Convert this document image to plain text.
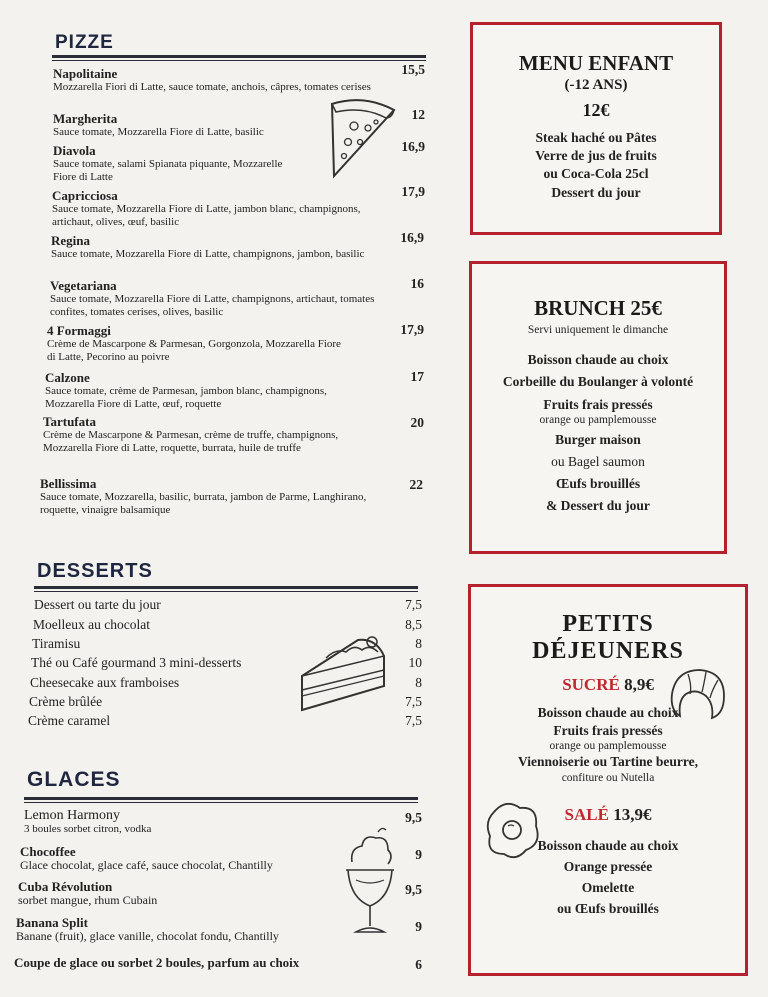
PIZZE
Napolitaine
Mozzarella Fiori di Latte, sauce tomate, anchois, câpres, tomates cerises
15,5
Margherita
Sauce tomate, Mozzarella Fiore di Latte, basilic
12
Diavola
Sauce tomate, salami Spianata piquante, Mozzarelle Fiore di Latte
16,9
Capricciosa
Sauce tomate, Mozzarella Fiore di Latte, jambon blanc, champignons, artichaut, olives, œuf, basilic
17,9
Regina
Sauce tomate, Mozzarella Fiore di Latte, champignons, jambon, basilic
16,9
Vegetariana
Sauce tomate, Mozzarella Fiore di Latte, champignons, artichaut, tomates confites, tomates cerises, olives, basilic
16
4 Formaggi
Crème de Mascarpone & Parmesan, Gorgonzola, Mozzarella Fiore di Latte, Pecorino au poivre
17,9
Calzone
Sauce tomate, crème de Parmesan, jambon blanc, champignons, Mozzarella Fiore di Latte, œuf, roquette
17
Tartufata
Crème de Mascarpone & Parmesan, crème de truffe, champignons, Mozzarella Fiore di Latte, roquette, burrata, huile de truffe
20
Bellissima
Sauce tomate, Mozzarella, basilic, burrata, jambon de Parme, Langhirano, roquette, vinaigre balsamique
22
DESSERTS
Dessert ou tarte du jour	7,5
Moelleux au chocolat	8,5
Tiramisu	8
Thé ou Café gourmand 3 mini-desserts	10
Cheesecake aux framboises	8
Crème brûlée	7,5
Crème caramel	7,5
GLACES
Lemon Harmony
3 boules sorbet citron, vodka
9,5
Chocoffee
Glace chocolat, glace café, sauce chocolat, Chantilly
9
Cuba Révolution
sorbet mangue, rhum Cubain
9,5
Banana Split
Banane (fruit), glace vanille, chocolat fondu, Chantilly
9
Coupe de glace ou sorbet 2 boules, parfum au choix	6
MENU ENFANT
(-12 ANS)
12€
Steak haché ou Pâtes
Verre de jus de fruits
ou Coca-Cola 25cl
Dessert du jour
BRUNCH 25€
Servi uniquement le dimanche
Boisson chaude au choix
Corbeille du Boulanger à volonté
Fruits frais pressés
orange ou pamplemousse
Burger maison
ou Bagel saumon
Œufs brouillés
& Dessert du jour
PETITS
DÉJEUNERS
SUCRÉ 8,9€
Boisson chaude au choix
Fruits frais pressés
orange ou pamplemousse
Viennoiserie ou Tartine beurre,
confiture ou Nutella
SALÉ 13,9€
Boisson chaude au choix
Orange pressée
Omelette
ou Œufs brouillés
